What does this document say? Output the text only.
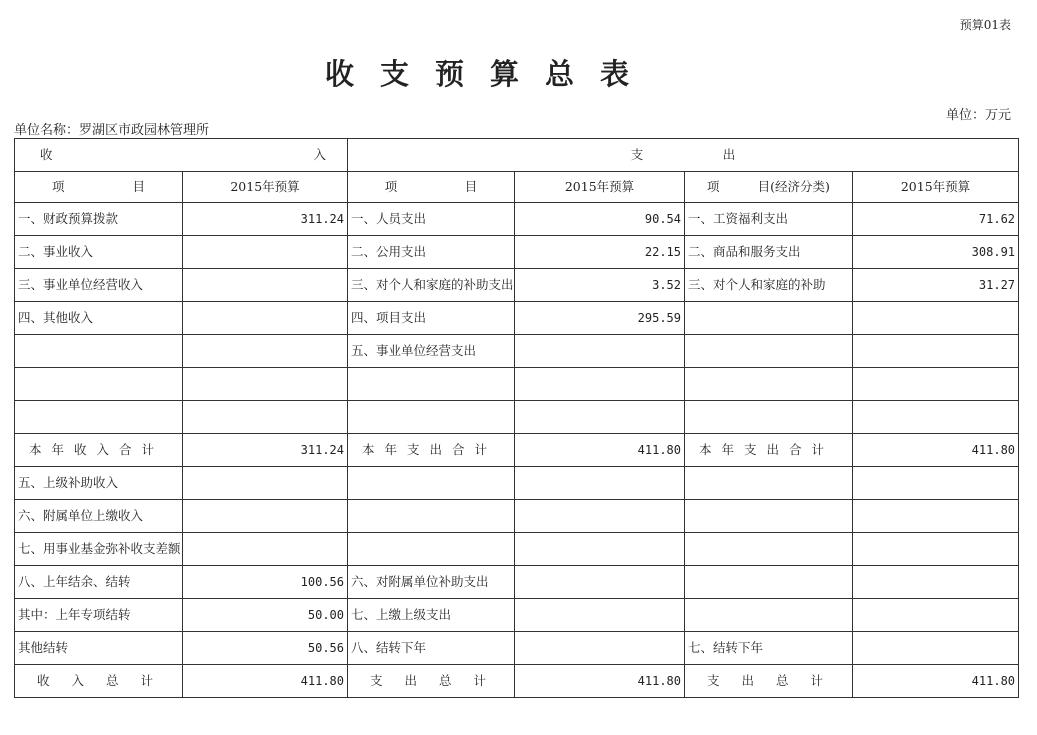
预算01表
收支预算总表
单位：万元
单位名称：罗湖区市政园林管理所
收 入		支 出			

项 目	2015年预算	项 目	2015年预算	项 目(经济分类)	2015年预算
一、财政预算拨款	311.24	一、人员支出	90.54	一、工资福利支出	71.62
二、事业收入		二、公用支出	22.15	二、商品和服务支出	308.91
三、事业单位经营收入		三、对个人和家庭的补助支出	3.52	三、对个人和家庭的补助	31.27
四、其他收入		四、项目支出	295.59		
		五、事业单位经营支出			

本年收入合计	311.24	本年支出合计	411.80	本年支出合计	411.80
五、上级补助收入					
六、附属单位上缴收入					
七、用事业基金弥补收支差额					
八、上年结余、结转	100.56	六、对附属单位补助支出			
其中：上年专项结转	50.00	七、上缴上级支出			
其他结转	50.56	八、结转下年		七、结转下年	
收入总计	411.80	支出总计	411.80	支出总计	411.80
